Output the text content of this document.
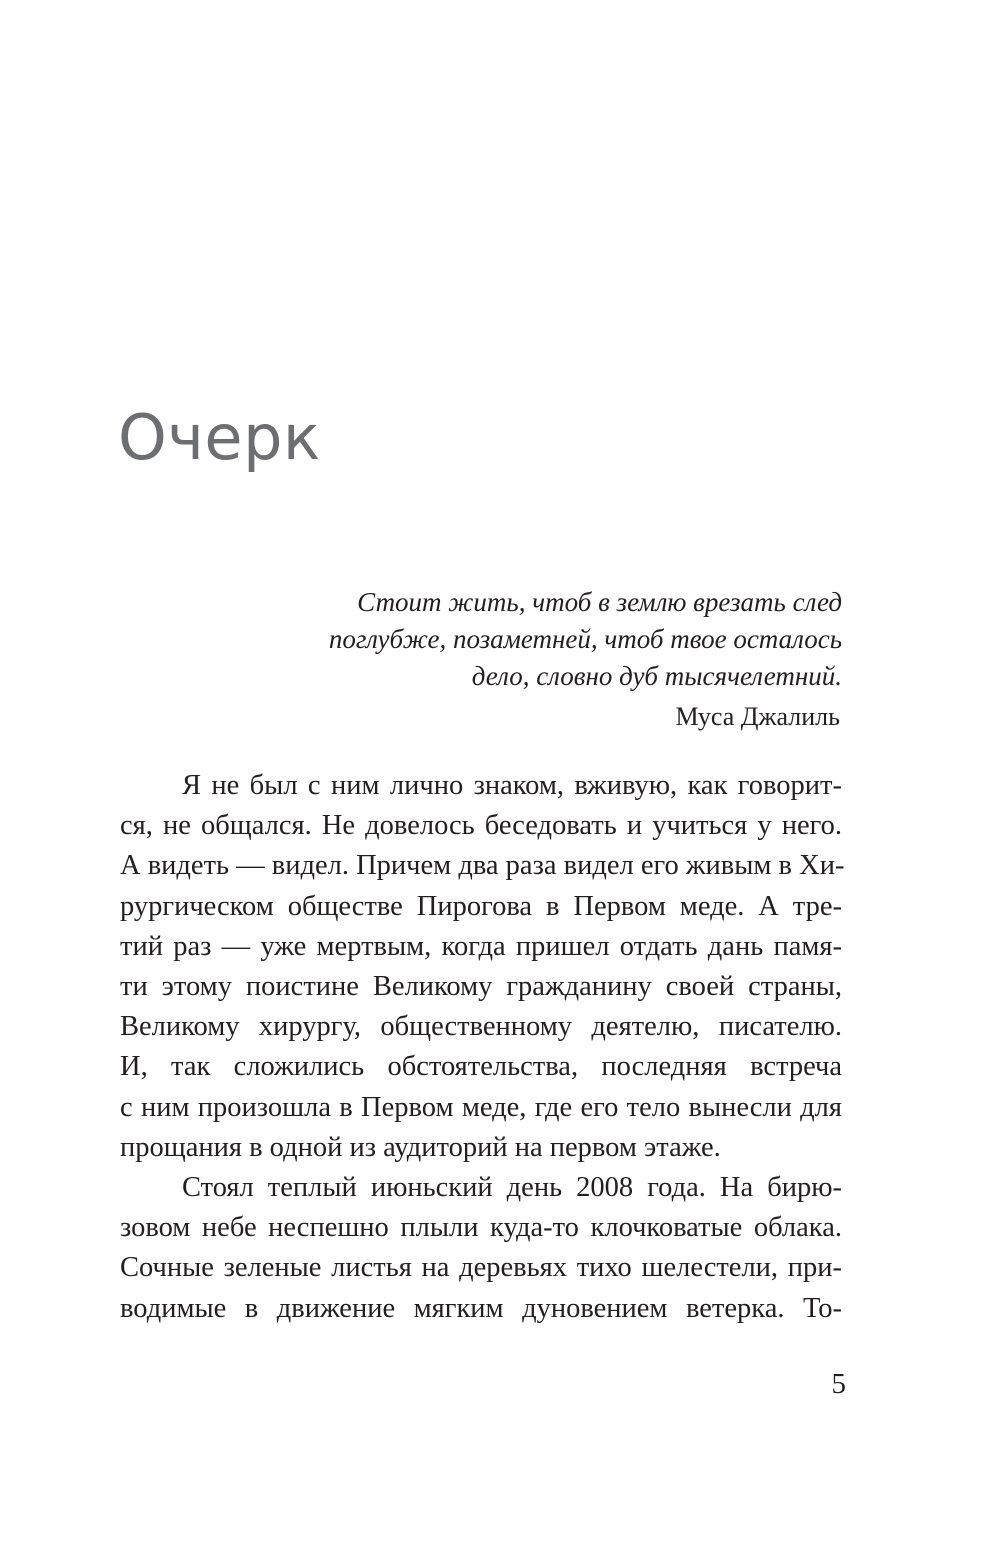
Очерк
Стоит жить, чтоб в землю врезать след
поглубже, позаметней, чтоб твое осталось
дело, словно дуб тысячелетний.
Муса Джалиль
Я не был с ним лично знаком, вживую, как говорит-
ся, не общался. Не довелось беседовать и учиться у него.
А видеть — видел. Причем два раза видел его живым в Хи-
рургическом обществе Пирогова в Первом меде. А тре-
тий раз — уже мертвым, когда пришел отдать дань памя-
ти этому поистине Великому гражданину своей страны,
Великому хирургу, общественному деятелю, писателю.
И, так сложились обстоятельства, последняя встреча
с ним произошла в Первом меде, где его тело вынесли для
прощания в одной из аудиторий на первом этаже.
Стоял теплый июньский день 2008 года. На бирю-
зовом небе неспешно плыли куда-то клочковатые облака.
Сочные зеленые листья на деревьях тихо шелестели, при-
водимые в движение мягким дуновением ветерка. То-
5
